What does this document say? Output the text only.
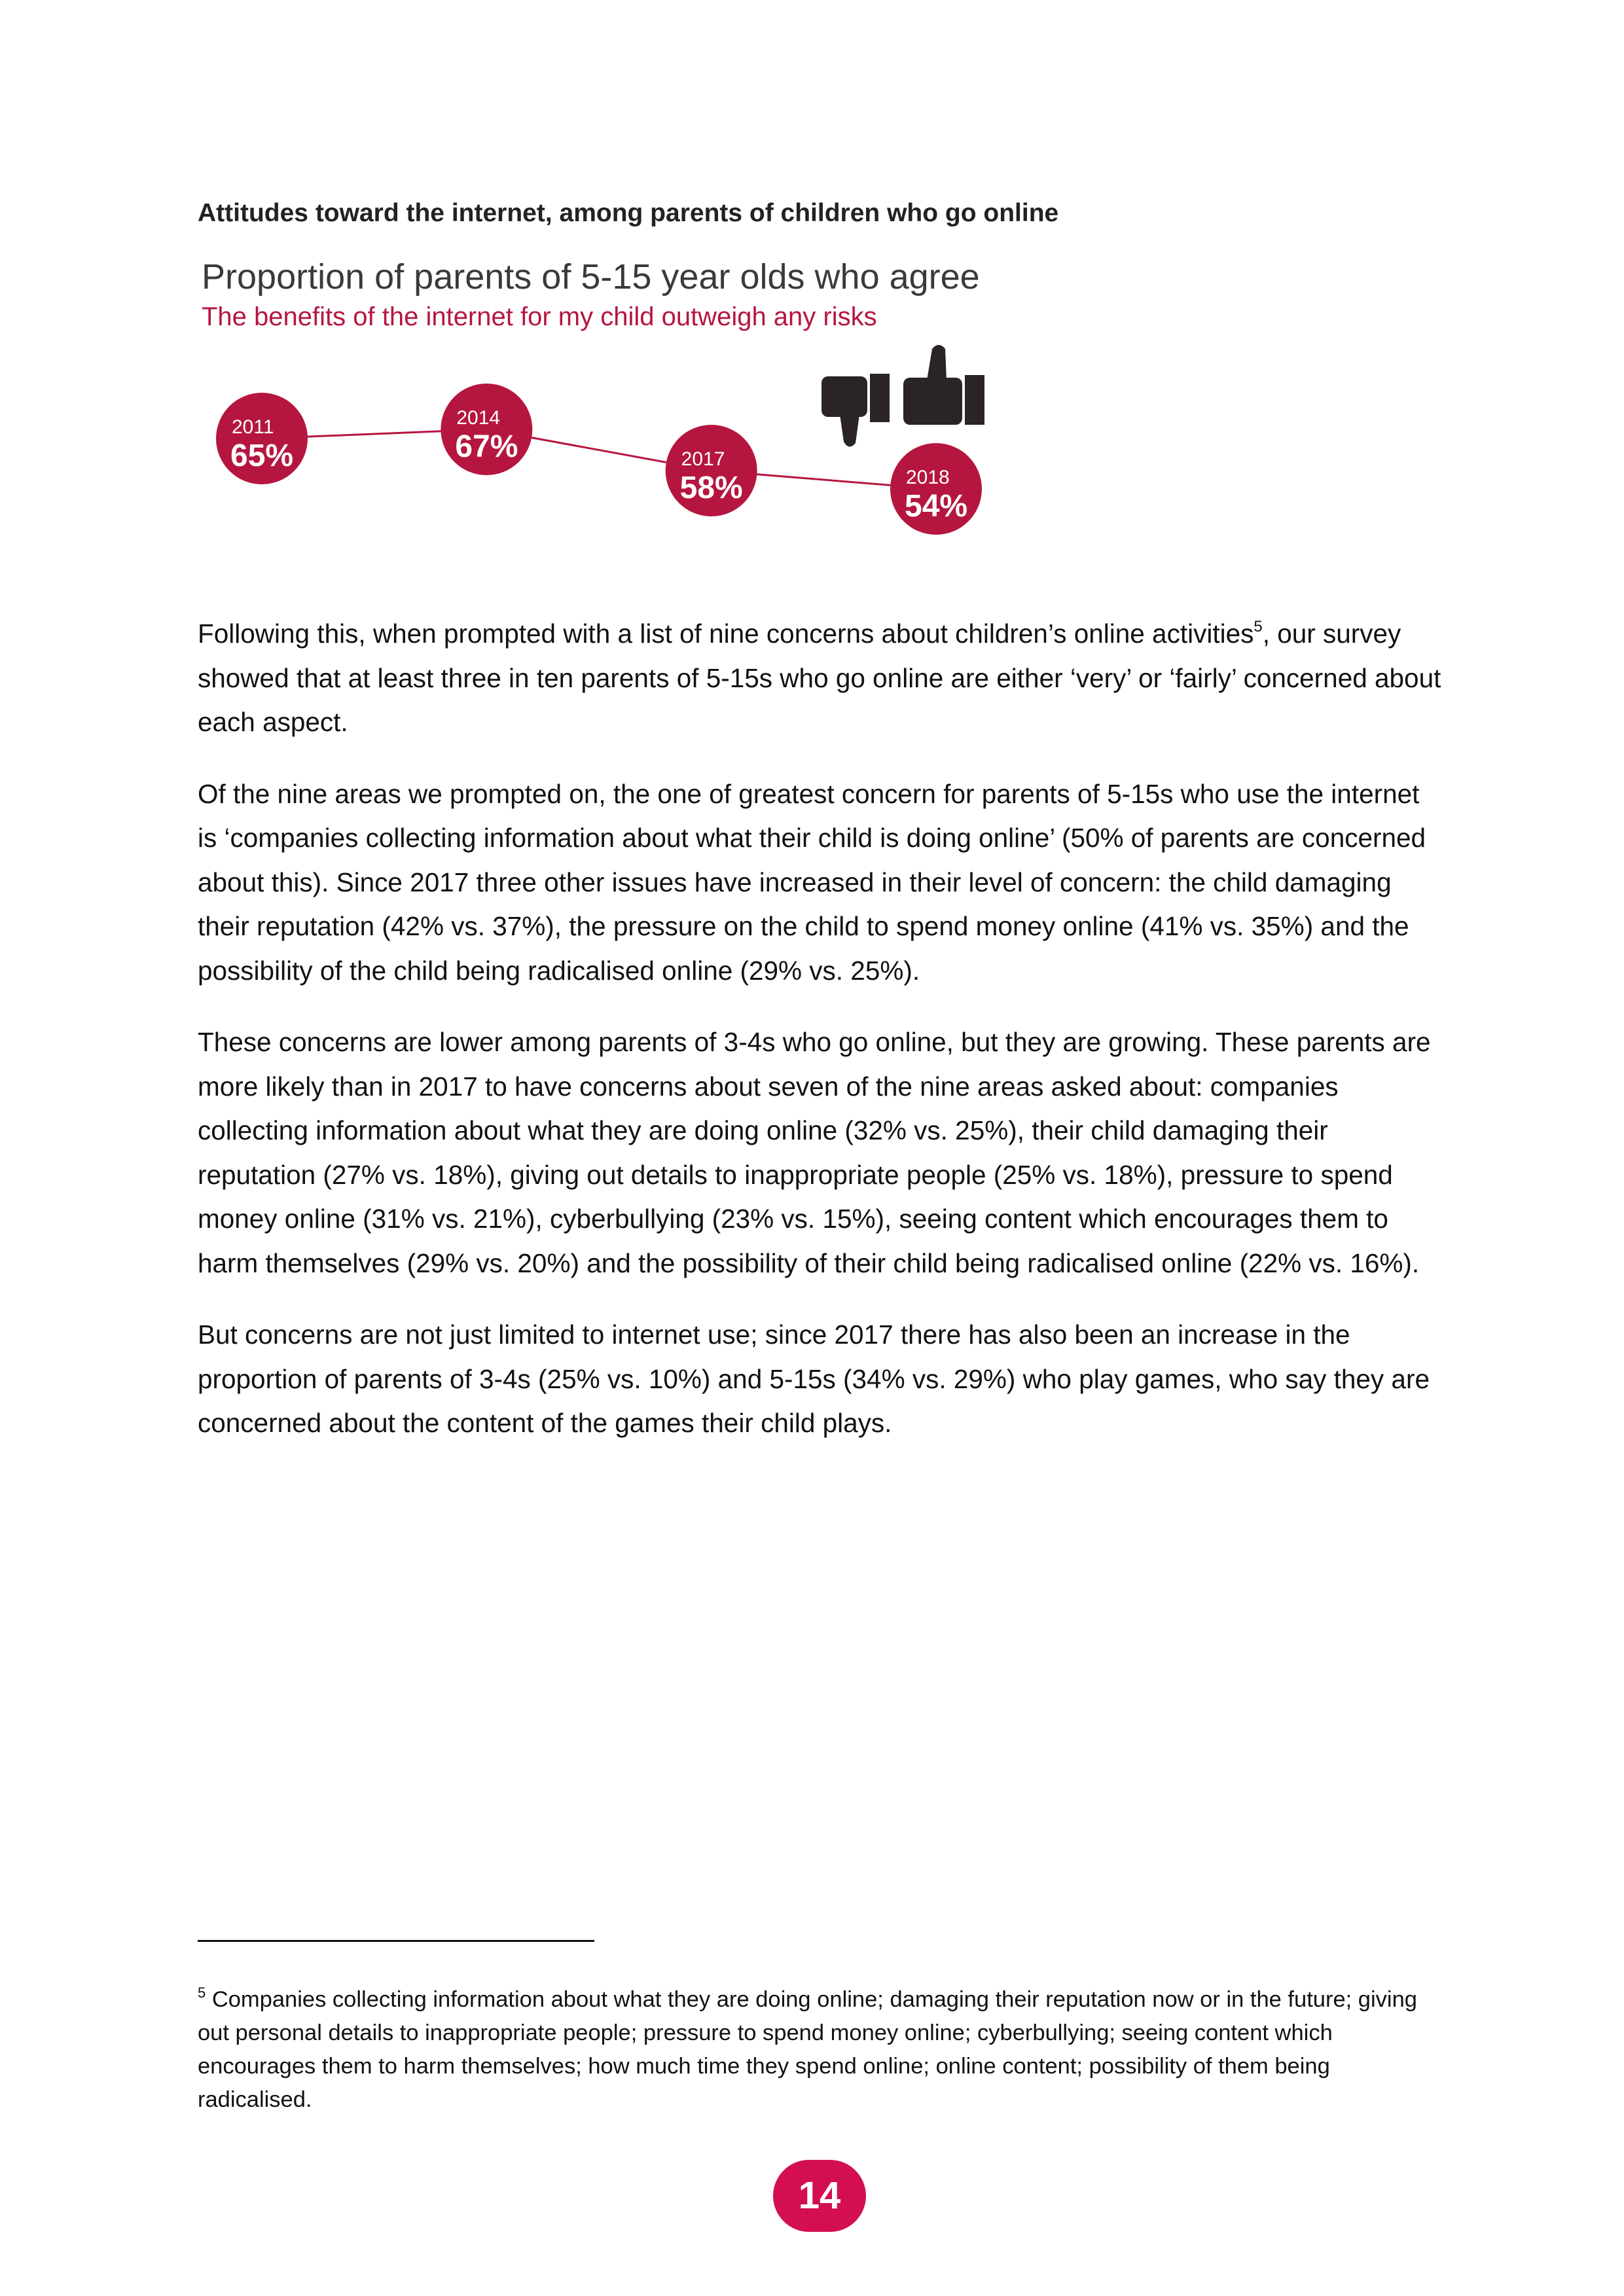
Attitudes toward the internet, among parents of children who go online
Proportion of parents of 5-15 year olds who agree
The benefits of the internet for my child outweigh any risks
2011
65%
2014
67%	2017
58%	2018
54%

Following this, when prompted with a list of nine concerns about children’s online activities$^5$, our survey showed that at least three in ten parents of 5-15s who go online are either ‘very’ or ‘fairly’ concerned about each aspect.

Of the nine areas we prompted on, the one of greatest concern for parents of 5-15s who use the internet is ‘companies collecting information about what their child is doing online’ (50% of parents are concerned about this). Since 2017 three other issues have increased in their level of concern: the child damaging their reputation (42% vs. 37%), the pressure on the child to spend money online (41% vs. 35%) and the possibility of the child being radicalised online (29% vs. 25%).

These concerns are lower among parents of 3-4s who go online, but they are growing. These parents are more likely than in 2017 to have concerns about seven of the nine areas asked about: companies collecting information about what they are doing online (32% vs. 25%), their child damaging their reputation (27% vs. 18%), giving out details to inappropriate people (25% vs. 18%), pressure to spend money online (31% vs. 21%), cyberbullying (23% vs. 15%), seeing content which encourages them to harm themselves (29% vs. 20%) and the possibility of their child being radicalised online (22% vs. 16%).

But concerns are not just limited to internet use; since 2017 there has also been an increase in the proportion of parents of 3-4s (25% vs. 10%) and 5-15s (34% vs. 29%) who play games, who say they are concerned about the content of the games their child plays.

$^5$ Companies collecting information about what they are doing online; damaging their reputation now or in the future; giving out personal details to inappropriate people; pressure to spend money online; cyberbullying; seeing content which encourages them to harm themselves; how much time they spend online; online content; possibility of them being radicalised.
14
